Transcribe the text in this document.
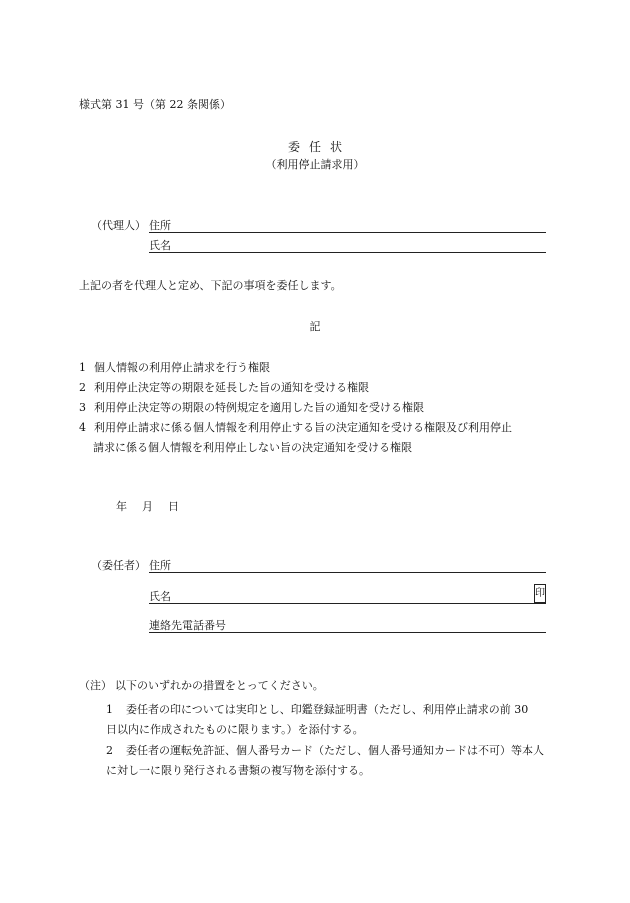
様式第 31 号（第 22 条関係）
委任状
（利用停止請求用）
（代理人） 住所
氏名
上記の者を代理人と定め、下記の事項を委任します。
記
1 個人情報の利用停止請求を行う権限
2 利用停止決定等の期限を延長した旨の通知を受ける権限
3 利用停止決定等の期限の特例規定を適用した旨の通知を受ける権限
4 利用停止請求に係る個人情報を利用停止する旨の決定通知を受ける権限及び利用停止
請求に係る個人情報を利用停止しない旨の決定通知を受ける権限
年 月 日
（委任者） 住所
氏名	印
連絡先電話番号
（注） 以下のいずれかの措置をとってください。
1 委任者の印については実印とし、印鑑登録証明書（ただし、利用停止請求の前 30
日以内に作成されたものに限ります。）を添付する。
2 委任者の運転免許証、個人番号カード（ただし、個人番号通知カードは不可）等本人
に対し一に限り発行される書類の複写物を添付する。
